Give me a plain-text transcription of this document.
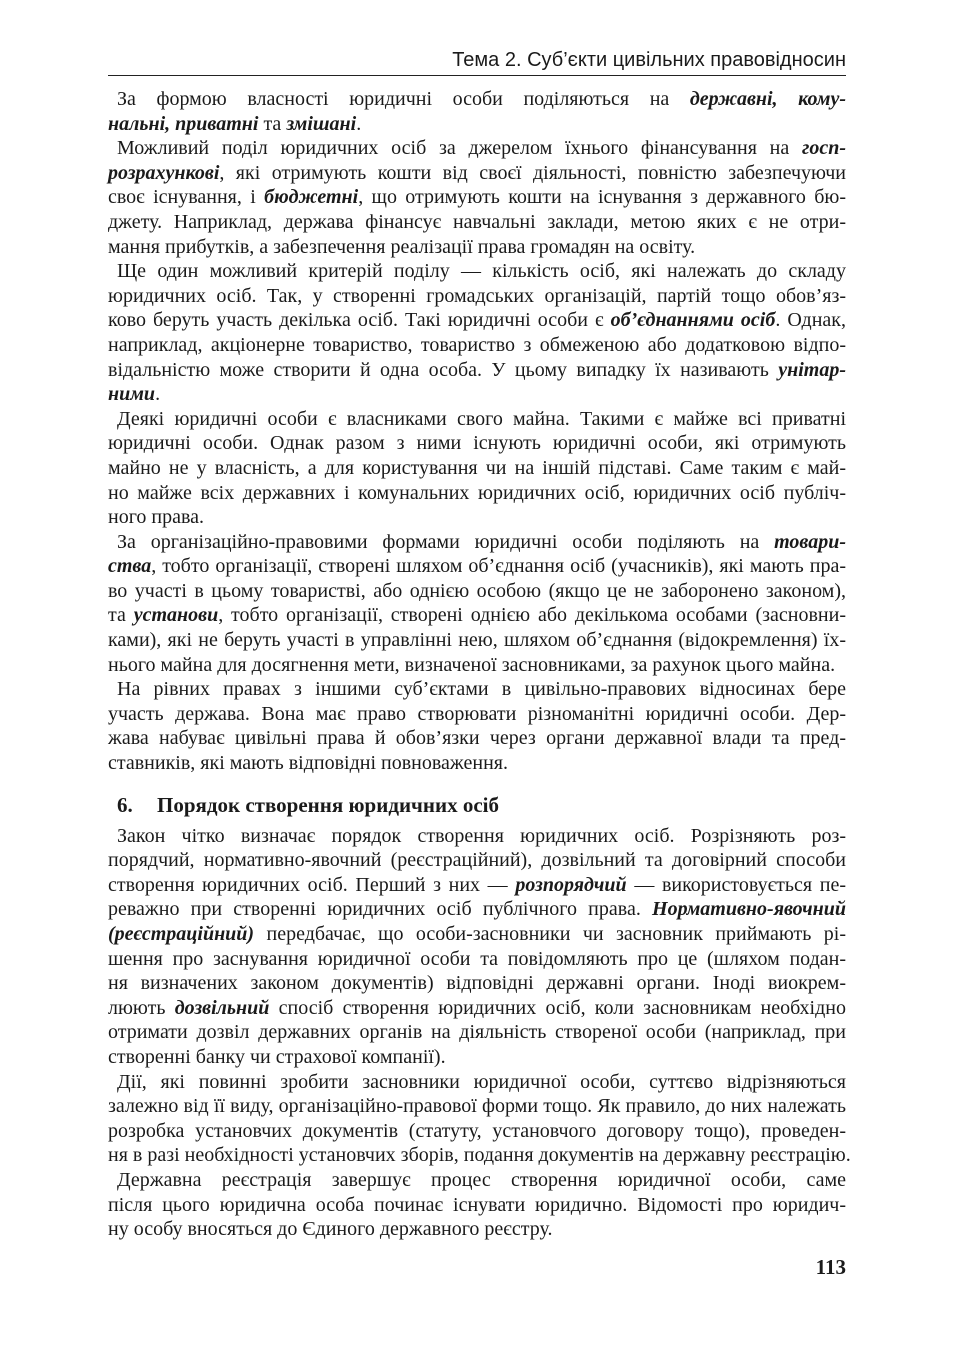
Тема 2. Суб’єкти цивільних правовідносин
За формою власності юридичні особи поділяються на державні, кому-
нальні, приватні та змішані.
Можливий поділ юридичних осіб за джерелом їхнього фінансування на госп-
розрахункові, які отримують кошти від своєї діяльності, повністю забезпечуючи
своє існування, і бюджетні, що отримують кошти на існування з державного бю-
джету. Наприклад, держава фінансує навчальні заклади, метою яких є не отри-
мання прибутків, а забезпечення реалізації права громадян на освіту.
Ще один можливий критерій поділу — кількість осіб, які належать до складу
юридичних осіб. Так, у створенні громадських організацій, партій тощо обов’яз-
ково беруть участь декілька осіб. Такі юридичні особи є об’єднаннями осіб. Однак,
наприклад, акціонерне товариство, товариство з обмеженою або додатковою відпо-
відальністю може створити й одна особа. У цьому випадку їх називають унітар-
ними.
Деякі юридичні особи є власниками свого майна. Такими є майже всі приватні
юридичні особи. Однак разом з ними існують юридичні особи, які отримують
майно не у власність, а для користування чи на іншій підставі. Саме таким є май-
но майже всіх державних і комунальних юридичних осіб, юридичних осіб публіч-
ного права.
За організаційно-правовими формами юридичні особи поділяють на товари-
ства, тобто організації, створені шляхом об’єднання осіб (учасників), які мають пра-
во участі в цьому товаристві, або однією особою (якщо це не заборонено законом),
та установи, тобто організації, створені однією або декількома особами (засновни-
ками), які не беруть участі в управлінні нею, шляхом об’єднання (відокремлення) їх-
нього майна для досягнення мети, визначеної засновниками, за рахунок цього майна.
На рівних правах з іншими суб’єктами в цивільно-правових відносинах бере
участь держава. Вона має право створювати різноманітні юридичні особи. Дер-
жава набуває цивільні права й обов’язки через органи державної влади та пред-
ставників, які мають відповідні повноваження.
6. Порядок створення юридичних осіб
Закон чітко визначає порядок створення юридичних осіб. Розрізняють роз-
порядчий, нормативно-явочний (реєстраційний), дозвільний та договірний способи
створення юридичних осіб. Перший з них — розпорядчий — використовується пе-
реважно при створенні юридичних осіб публічного права. Нормативно-явочний
(реєстраційний) передбачає, що особи-засновники чи засновник приймають рі-
шення про заснування юридичної особи та повідомляють про це (шляхом подан-
ня визначених законом документів) відповідні державні органи. Іноді виокрем-
люють дозвільний спосіб створення юридичних осіб, коли засновникам необхідно
отримати дозвіл державних органів на діяльність створеної особи (наприклад, при
створенні банку чи страхової компанії).
Дії, які повинні зробити засновники юридичної особи, суттєво відрізняються
залежно від її виду, організаційно-правової форми тощо. Як правило, до них належать
розробка установчих документів (статуту, установчого договору тощо), проведен-
ня в разі необхідності установчих зборів, подання документів на державну реєстрацію.
Державна реєстрація завершує процес створення юридичної особи, саме
після цього юридична особа починає існувати юридично. Відомості про юридич-
ну особу вносяться до Єдиного державного реєстру.
113
